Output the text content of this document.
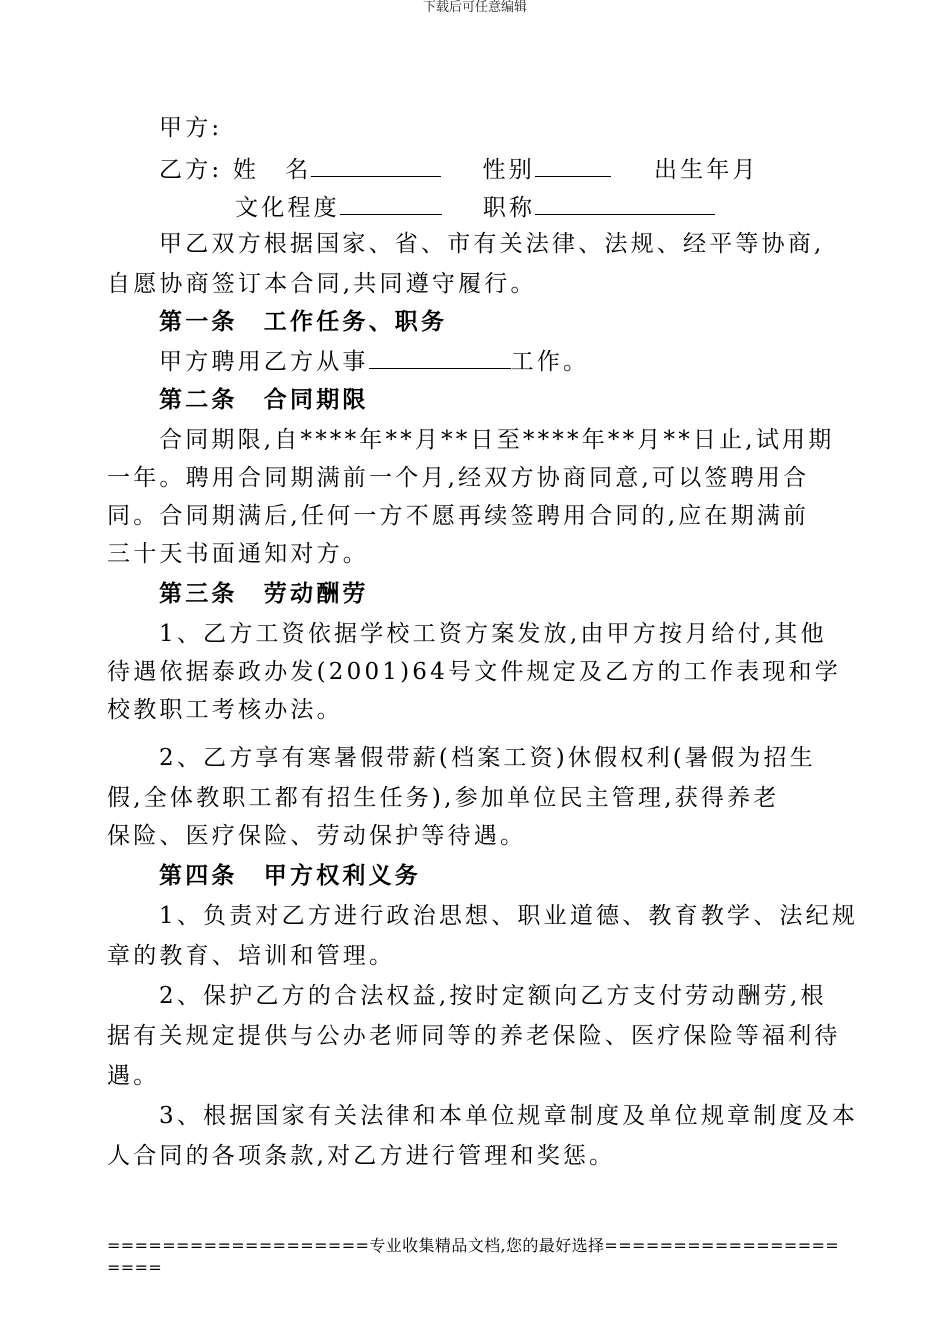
下载后可任意编辑
甲方:
乙方: 姓　名	性别	出生年月
文化程度	职称
甲乙双方根据国家、省、市有关法律、法规、经平等协商,
自愿协商签订本合同,共同遵守履行。
第一条　工作任务、职务
甲方聘用乙方从事	工作。
第二条　合同期限
合同期限,自****年**月**日至****年**月**日止,试用期
一年。聘用合同期满前一个月,经双方协商同意,可以签聘用合
同。合同期满后,任何一方不愿再续签聘用合同的,应在期满前
三十天书面通知对方。
第三条　劳动酬劳
1、乙方工资依据学校工资方案发放,由甲方按月给付,其他
待遇依据泰政办发(2001)64号文件规定及乙方的工作表现和学
校教职工考核办法。
2、乙方享有寒暑假带薪(档案工资)休假权利(暑假为招生
假,全体教职工都有招生任务),参加单位民主管理,获得养老
保险、医疗保险、劳动保护等待遇。
第四条　甲方权利义务
1、负责对乙方进行政治思想、职业道德、教育教学、法纪规
章的教育、培训和管理。
2、保护乙方的合法权益,按时定额向乙方支付劳动酬劳,根
据有关规定提供与公办老师同等的养老保险、医疗保险等福利待
遇。
3、根据国家有关法律和本单位规章制度及单位规章制度及本
人合同的各项条款,对乙方进行管理和奖惩。
===================专业收集精品文档,您的最好选择=====================
